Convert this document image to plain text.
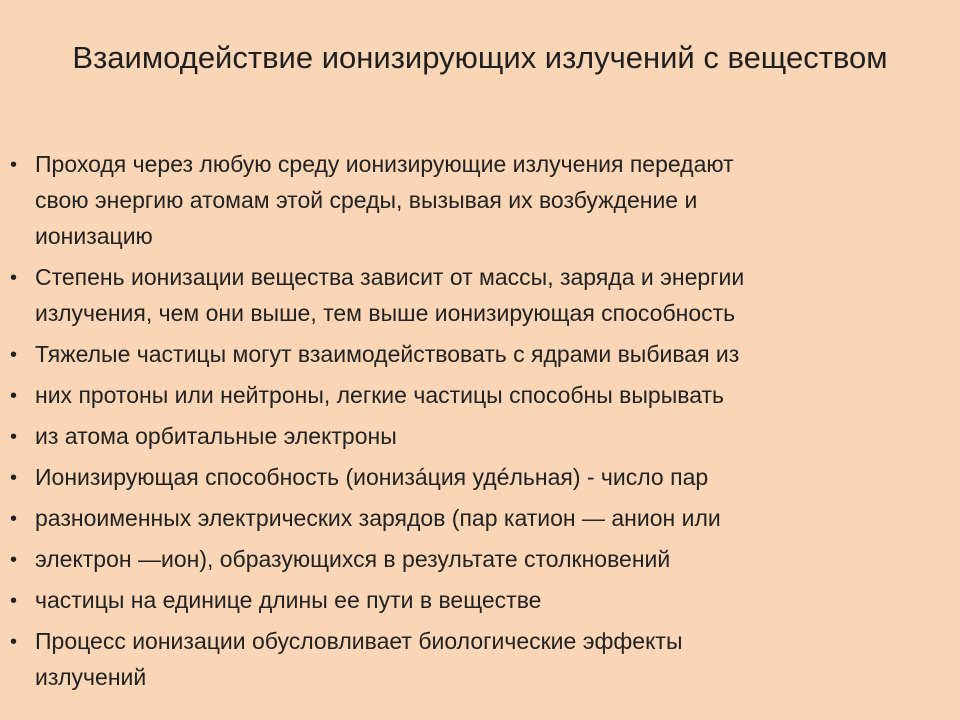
Взаимодействие ионизирующих излучений с веществом
• Проходя через любую среду ионизирующие излучения передают
свою энергию атомам этой среды, вызывая их возбуждение и
ионизацию
• Степень ионизации вещества зависит от массы, заряда и энергии
излучения, чем они выше, тем выше ионизирующая способность
• Тяжелые частицы могут взаимодействовать с ядрами выбивая из
• них протоны или нейтроны, легкие частицы способны вырывать
• из атома орбитальные электроны
• Ионизирующая способность (ионизáция удéльная) - число пар
• разноименных электрических зарядов (пар катион — анион или
• электрон —ион), образующихся в результате столкновений
• частицы на единице длины ее пути в веществе
• Процесс ионизации обусловливает биологические эффекты
излучений
